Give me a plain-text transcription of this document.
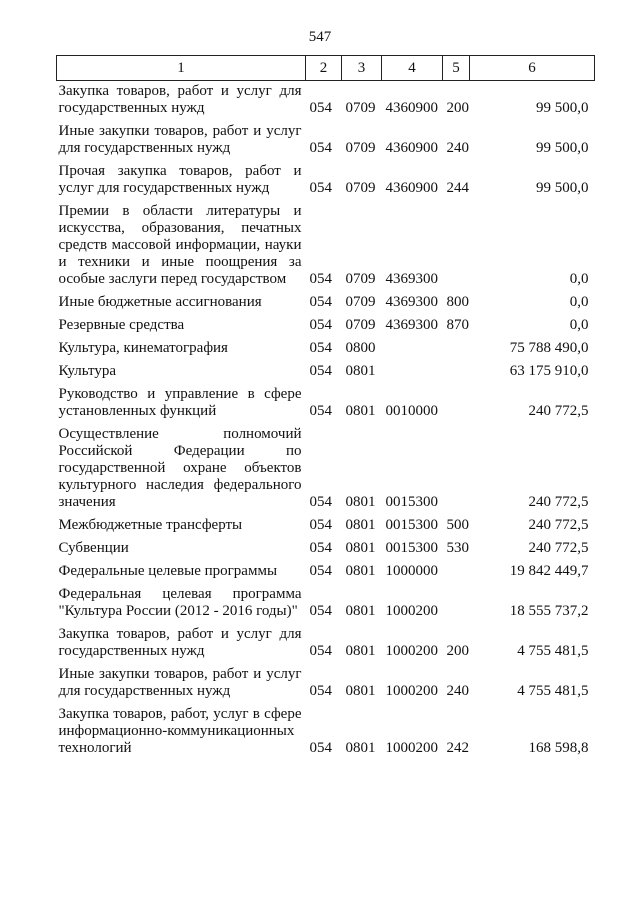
547
1	2	3	4	5	6
Закупка товаров, работ и услуг для государственных нужд	054	0709	4360900	200	99 500,0
Иные закупки товаров, работ и услуг для государственных нужд	054	0709	4360900	240	99 500,0
Прочая закупка товаров, работ и услуг для государственных нужд	054	0709	4360900	244	99 500,0
Премии в области литературы и искусства, образования, печатных средств массовой информации, науки и техники и иные поощрения за особые заслуги перед государством	054	0709	4369300		0,0
Иные бюджетные ассигнования	054	0709	4369300	800	0,0
Резервные средства	054	0709	4369300	870	0,0
Культура, кинематография	054	0800			75 788 490,0
Культура	054	0801			63 175 910,0
Руководство и управление в сфере установленных функций	054	0801	0010000		240 772,5
Осуществление полномочий Российской Федерации по государственной охране объектов культурного наследия федерального значения	054	0801	0015300		240 772,5
Межбюджетные трансферты	054	0801	0015300	500	240 772,5
Субвенции	054	0801	0015300	530	240 772,5
Федеральные целевые программы	054	0801	1000000		19 842 449,7
Федеральная целевая программа "Культура России (2012 - 2016 годы)"	054	0801	1000200		18 555 737,2
Закупка товаров, работ и услуг для государственных нужд	054	0801	1000200	200	4 755 481,5
Иные закупки товаров, работ и услуг для государственных нужд	054	0801	1000200	240	4 755 481,5
Закупка товаров, работ, услуг в сфере информационно-коммуникационных технологий	054	0801	1000200	242	168 598,8
